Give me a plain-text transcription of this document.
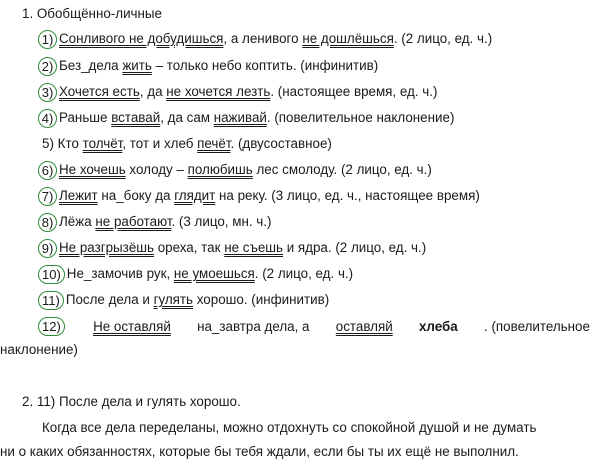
1. Обобщённо-личные
1) Сонливого не добудишься, а ленивого не дошлёшься. (2 лицо, ед. ч.)
2) Без_дела жить – только небо коптить. (инфинитив)
3) Хочется есть, да не хочется лезть. (настоящее время, ед. ч.)
4) Раньше вставай, да сам наживай. (повелительное наклонение)
5) Кто толчёт, тот и хлеб печёт. (двусоставное)
6) Не хочешь холоду – полюбишь лес смолоду. (2 лицо, ед. ч.)
7) Лежит на_боку да глядит на реку. (3 лицо, ед. ч., настоящее время)
8) Лёжа не работают. (3 лицо, мн. ч.)
9) Не разгрызёшь ореха, так не съешь и ядра. (2 лицо, ед. ч.)
10) Не_замочив рук, не умоешься. (2 лицо, ед. ч.)
11) После дела и гулять хорошо. (инфинитив)
12) Не оставляй на_завтра дела, а оставляй хлеба . (повелительное
наклонение)
2. 11) После дела и гулять хорошо.
Когда все дела переделаны, можно отдохнуть со спокойной душой и не думать
ни о каких обязанностях, которые бы тебя ждали, если бы ты их ещё не выполнил.
